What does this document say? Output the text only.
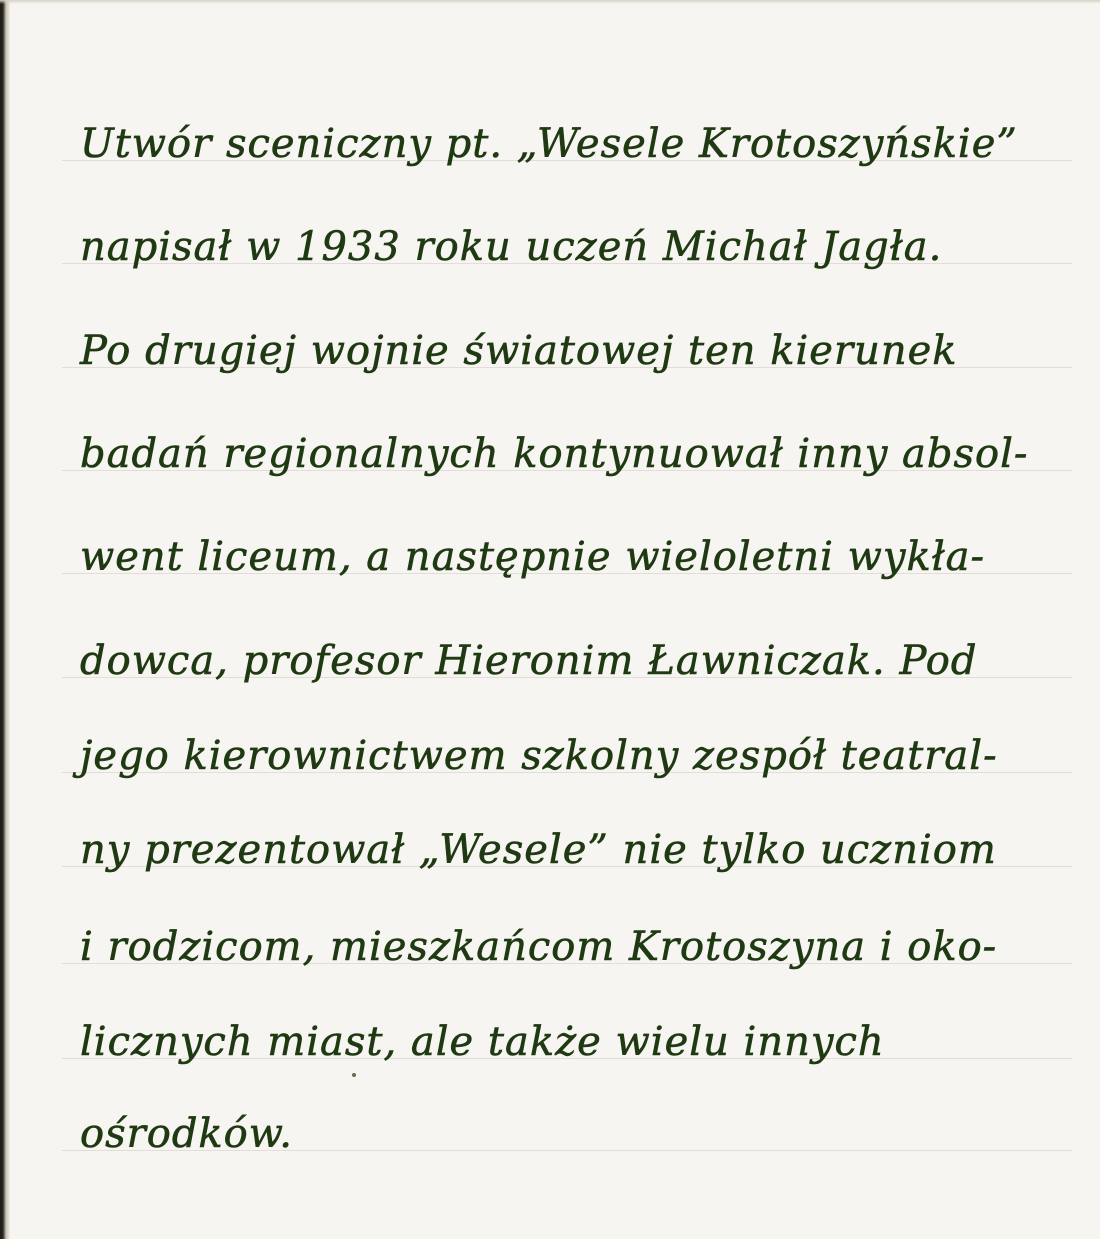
Utwór sceniczny pt. „Wesele Krotoszyńskie”
napisał w 1933 roku uczeń Michał Jagła.
Po drugiej wojnie światowej ten kierunek
badań regionalnych kontynuował inny absol-
went liceum, a następnie wieloletni wykła-
dowca, profesor Hieronim Ławniczak. Pod
jego kierownictwem szkolny zespół teatral-
ny prezentował „Wesele” nie tylko uczniom
i rodzicom, mieszkańcom Krotoszyna i oko-
licznych miast, ale także wielu innych
ośrodków.
